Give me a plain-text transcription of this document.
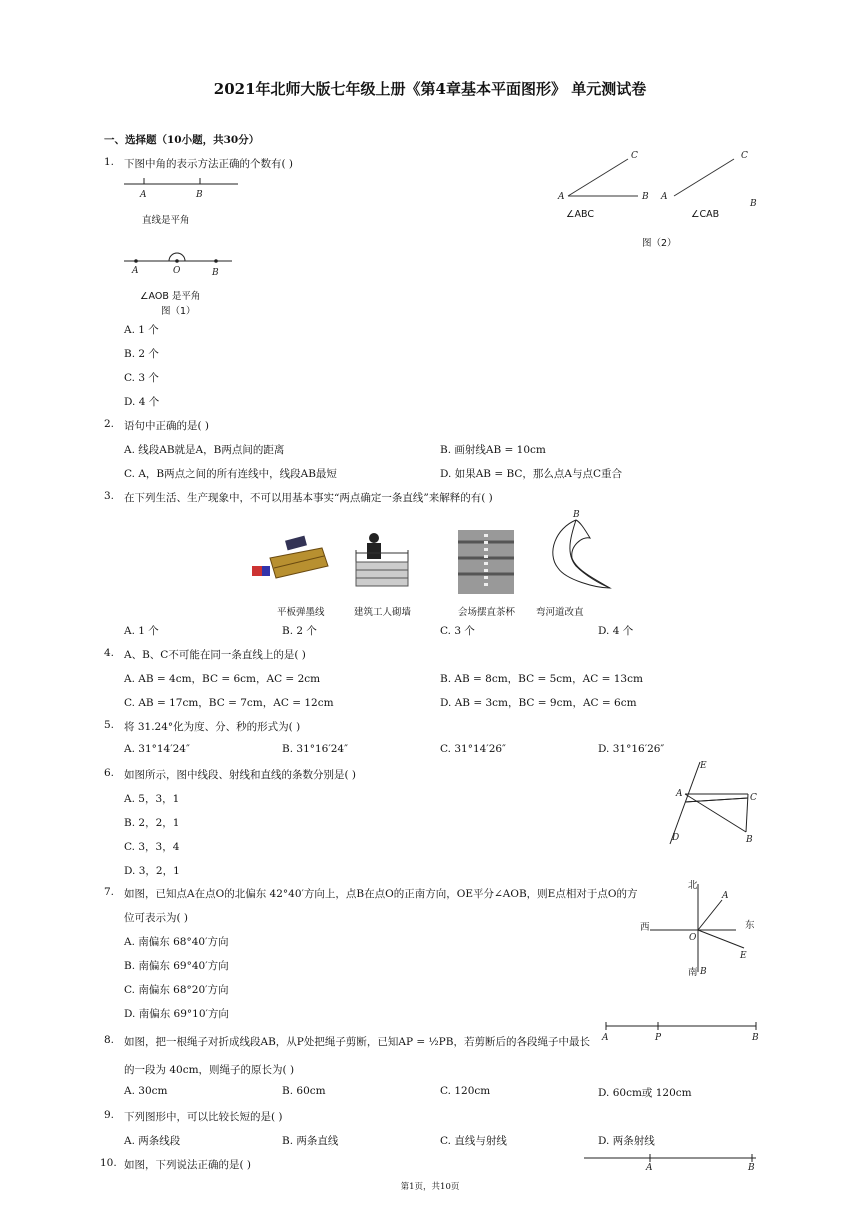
2021年北师大版七年级上册《第4章基本平面图形》 单元测试卷
一、选择题（10小题，共30分）
1. 下图中角的表示方法正确的个数有( )
A	B
直线是平角
A	O	B
∠AOB 是平角
图（1）
A	B
C
A
C
B
∠ABC	∠CAB
图（2）
A. 1 个
B. 2 个
C. 3 个
D. 4 个
2. 语句中正确的是( )
A. 线段AB就是A，B两点间的距离	B. 画射线AB = 10cm
C. A，B两点之间的所有连线中，线段AB最短	D. 如果AB = BC，那么点A与点C重合
3. 在下列生活、生产现象中，不可以用基本事实“两点确定一条直线”来解释的有( )
B
平板弹墨线	建筑工人砌墙	会场摆直茶杯 弯河道改直
A. 1 个	B. 2 个	C. 3 个	D. 4 个
4. A、B、C不可能在同一条直线上的是( )
A. AB = 4cm，BC = 6cm，AC = 2cm	B. AB = 8cm，BC = 5cm，AC = 13cm
C. AB = 17cm，BC = 7cm，AC = 12cm	D. AB = 3cm，BC = 9cm，AC = 6cm
5. 将 31.24°化为度、分、秒的形式为( )
A. 31°14′24″	B. 31°16′24″	C. 31°14′26″	D. 31°16′26″
6. 如图所示，图中线段、射线和直线的条数分别是( )
A. 5，3，1
B. 2，2，1
C. 3，3，4
D. 3，2，1
E
A	C
B
D
7. 如图，已知点A在点O的北偏东 42°40′方向上，点B在点O的正南方向，OE平分∠AOB，则E点相对于点O的方
位可表示为( )
A. 南偏东 68°40′方向
B. 南偏东 69°40′方向
C. 南偏东 68°20′方向
D. 南偏东 69°10′方向
A
O
E
B
北
西	东
南
8. 如图，把一根绳子对折成线段AB，从P处把绳子剪断，已知AP = ½PB，若剪断后的各段绳子中最长
的一段为 40cm，则绳子的原长为( )
A	P	B
A. 30cm	B. 60cm	C. 120cm	D. 60cm或 120cm
9. 下列图形中，可以比较长短的是( )
A. 两条线段	B. 两条直线	C. 直线与射线	D. 两条射线
10. 如图，下列说法正确的是( )	A	B
第1页，共10页
